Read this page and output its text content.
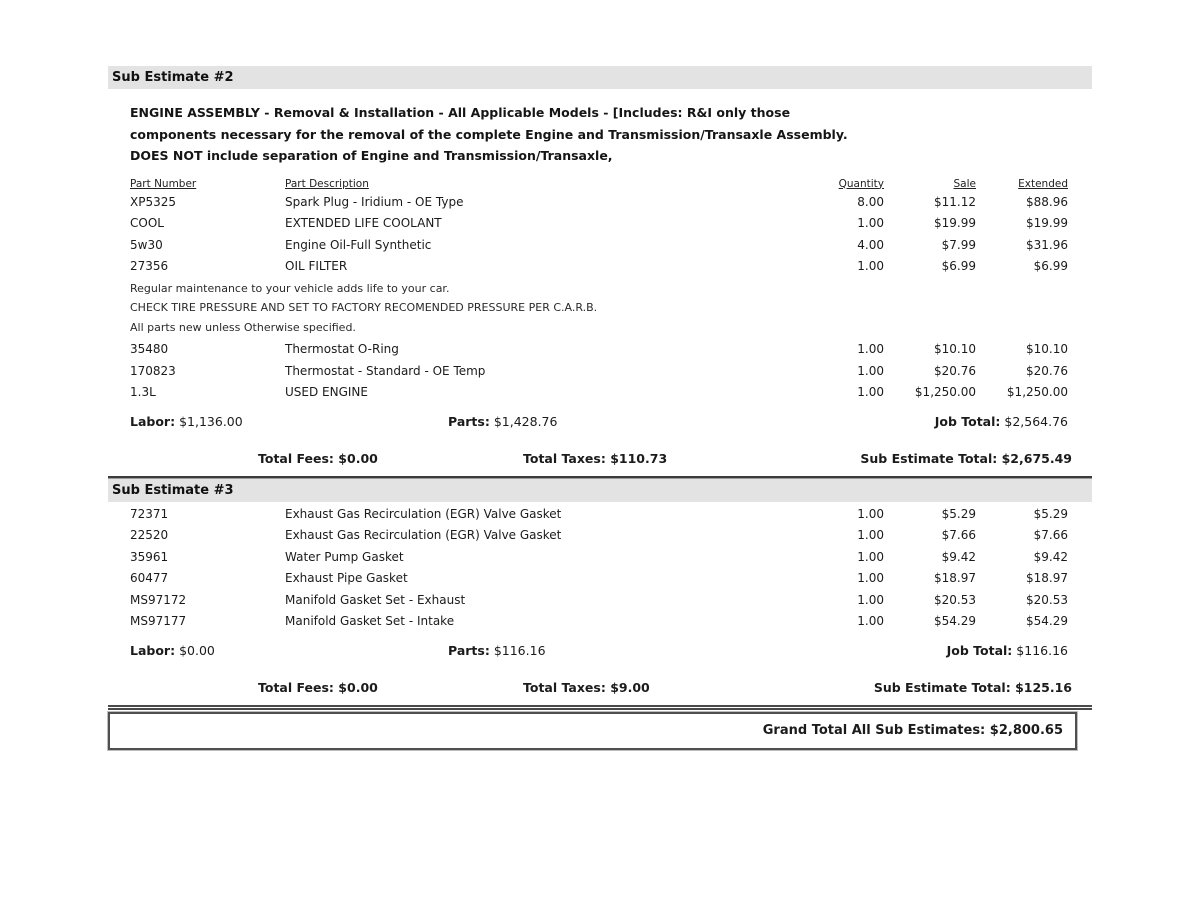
Sub Estimate #2
ENGINE ASSEMBLY - Removal & Installation - All Applicable Models - [Includes: R&I only those
components necessary for the removal of the complete Engine and Transmission/Transaxle Assembly.
DOES NOT include separation of Engine and Transmission/Transaxle,
Part Number	Part Description	Quantity	Sale	Extended
XP5325	Spark Plug - Iridium - OE Type	8.00	$11.12	$88.96
COOL	EXTENDED LIFE COOLANT	1.00	$19.99	$19.99
5w30	Engine Oil-Full Synthetic	4.00	$7.99	$31.96
27356	OIL FILTER	1.00	$6.99	$6.99
Regular maintenance to your vehicle adds life to your car.
CHECK TIRE PRESSURE AND SET TO FACTORY RECOMENDED PRESSURE PER C.A.R.B.
All parts new unless Otherwise specified.
35480	Thermostat O-Ring	1.00	$10.10	$10.10
170823	Thermostat - Standard - OE Temp	1.00	$20.76	$20.76
1.3L	USED ENGINE	1.00	$1,250.00	$1,250.00
Labor: $1,136.00	Parts: $1,428.76	Job Total: $2,564.76
Total Fees: $0.00	Total Taxes: $110.73	Sub Estimate Total: $2,675.49
Sub Estimate #3
72371	Exhaust Gas Recirculation (EGR) Valve Gasket	1.00	$5.29	$5.29
22520	Exhaust Gas Recirculation (EGR) Valve Gasket	1.00	$7.66	$7.66
35961	Water Pump Gasket	1.00	$9.42	$9.42
60477	Exhaust Pipe Gasket	1.00	$18.97	$18.97
MS97172	Manifold Gasket Set - Exhaust	1.00	$20.53	$20.53
MS97177	Manifold Gasket Set - Intake	1.00	$54.29	$54.29
Labor: $0.00	Parts: $116.16	Job Total: $116.16
Total Fees: $0.00	Total Taxes: $9.00	Sub Estimate Total: $125.16
Grand Total All Sub Estimates:
$2,800.65
